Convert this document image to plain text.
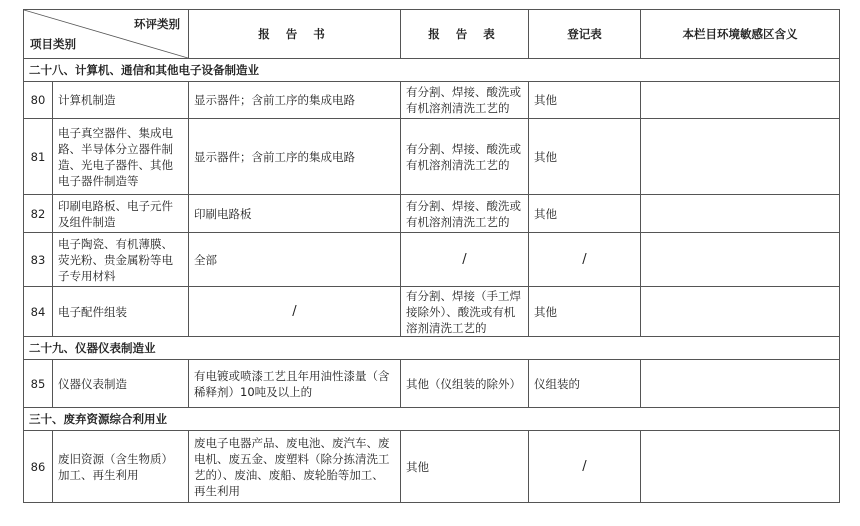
环评类别
项目类别		报 告 书	报 告 表	登记表	本栏目环境敏感区含义
二十八、计算机、通信和其他电子设备制造业					
80	计算机制造	显示器件；含前工序的集成电路	有分割、焊接、酸洗或有机溶剂清洗工艺的	其他	
81	电子真空器件、集成电路、半导体分立器件制造、光电子器件、其他电子器件制造等	显示器件；含前工序的集成电路	有分割、焊接、酸洗或有机溶剂清洗工艺的	其他	
82	印刷电路板、电子元件及组件制造	印刷电路板	有分割、焊接、酸洗或有机溶剂清洗工艺的	其他	
83	电子陶瓷、有机薄膜、荧光粉、贵金属粉等电子专用材料	全部	/	/	
84	电子配件组装	/	有分割、焊接（手工焊接除外）、酸洗或有机溶剂清洗工艺的	其他	
二十九、仪器仪表制造业					
85	仪器仪表制造	有电镀或喷漆工艺且年用油性漆量（含稀释剂）10吨及以上的	其他（仪组装的除外）	仪组装的	
三十、废弃资源综合利用业					
86	废旧资源（含生物质）加工、再生利用	废电子电器产品、废电池、废汽车、废电机、废五金、废塑料（除分拣清洗工艺的）、废油、废船、废轮胎等加工、再生利用	其他	/	
